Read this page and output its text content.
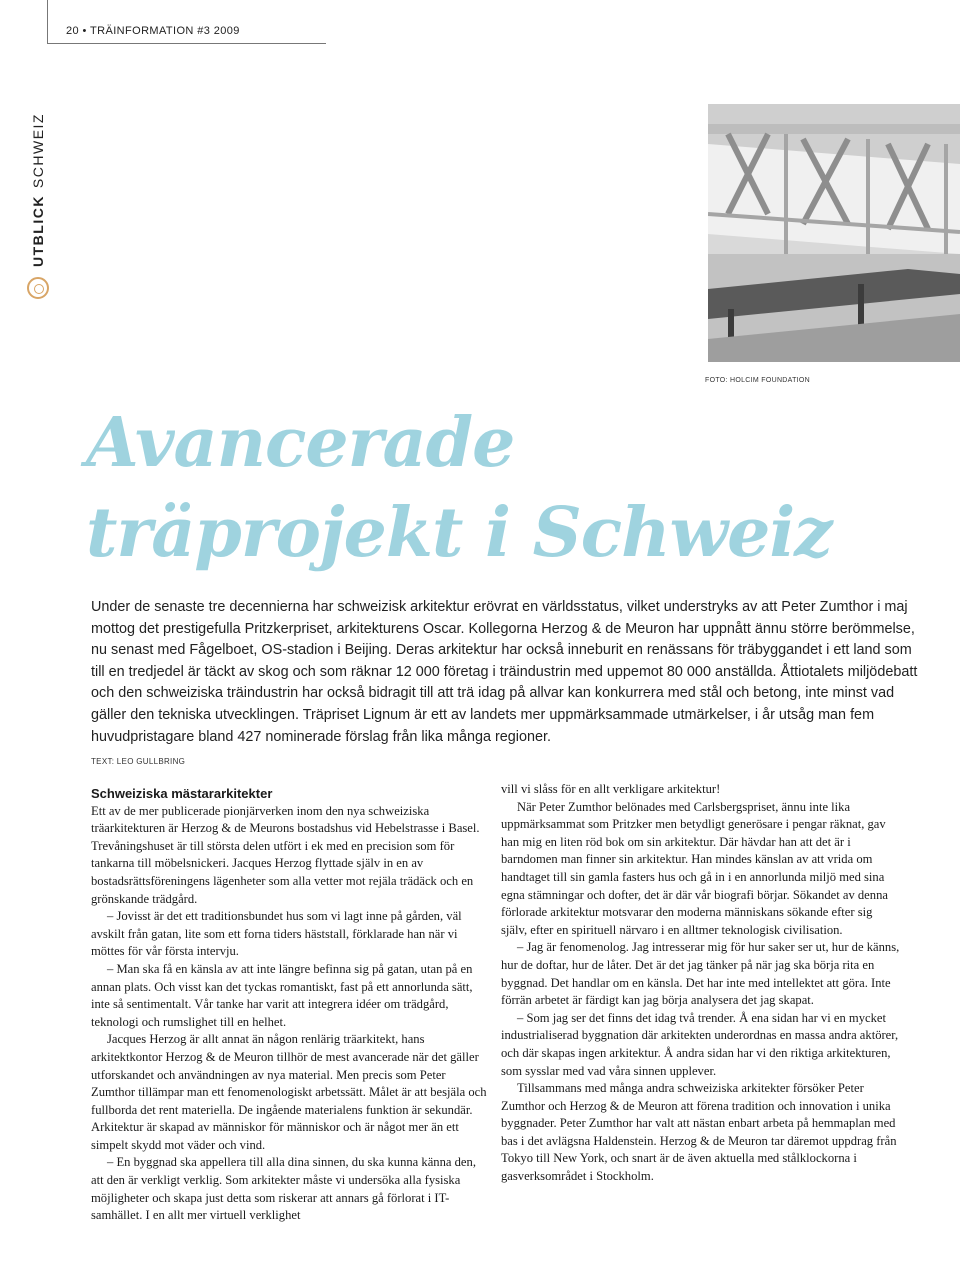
20 • TRÄINFORMATION #3 2009
UTBLICKSCHWEIZ
FOTO: HOLCIM FOUNDATION
Avancerade
träprojekt i Schweiz

Under de senaste tre decennierna har schweizisk arkitektur erövrat en världsstatus, vilket understryks av att Peter Zumthor i maj mottog det prestigefulla Pritzkerpriset, arkitekturens Oscar. Kollegorna Herzog & de Meuron har uppnått ännu större berömmelse, nu senast med Fågelboet, OS-stadion i Beijing. Deras arkitektur har också inneburit en renässans för träbyggandet i ett land som till en tredjedel är täckt av skog och som räknar 12 000 företag i träindustrin med uppemot 80 000 anställda. Åttiotalets miljödebatt och den schweiziska träindustrin har också bidragit till att trä idag på allvar kan konkurrera med stål och betong, inte minst vad gäller den tekniska utvecklingen. Träpriset Lignum är ett av landets mer uppmärksammade utmärkelser, i år utsåg man fem huvudpristagare bland 427 nominerade förslag från lika många regioner.

TEXT: LEO GULLBRING
Schweiziska mästararkitekter

Ett av de mer publicerade pionjärverken inom den nya schweiziska träarkitekturen är Herzog & de Meurons bostadshus vid Hebelstrasse i Basel. Trevåningshuset är till största delen utfört i ek med en precision som för tankarna till möbelsnickeri. Jacques Herzog flyttade själv in en av bostadsrättsföreningens lägenheter som alla vetter mot rejäla trädäck och en grönskande trädgård.

– Jovisst är det ett traditionsbundet hus som vi lagt inne på gården, väl avskilt från gatan, lite som ett forna tiders häststall, förklarade han när vi möttes för vår första intervju.

– Man ska få en känsla av att inte längre befinna sig på gatan, utan på en annan plats. Och visst kan det tyckas romantiskt, fast på ett annorlunda sätt, inte så sentimentalt. Vår tanke har varit att integrera idéer om trädgård, teknologi och rumslighet till en helhet.

Jacques Herzog är allt annat än någon renlärig träarkitekt, hans arkitektkontor Herzog & de Meuron tillhör de mest avancerade när det gäller utforskandet och användningen av nya material. Men precis som Peter Zumthor tillämpar man ett fenomenologiskt arbetssätt. Målet är att besjäla och fullborda det rent materiella. De ingående materialens funktion är sekundär. Arkitektur är skapad av människor för människor och är något mer än ett simpelt skydd mot väder och vind.

– En byggnad ska appellera till alla dina sinnen, du ska kunna känna den, att den är verkligt verklig. Som arkitekter måste vi undersöka alla fysiska möjligheter och skapa just detta som riskerar att annars gå förlorat i IT-samhället. I en allt mer virtuell verklighet

vill vi slåss för en allt verkligare arkitektur!

När Peter Zumthor belönades med Carlsbergspriset, ännu inte lika uppmärksammat som Pritzker men betydligt generösare i pengar räknat, gav han mig en liten röd bok om sin arkitektur. Där hävdar han att det är i barndomen man finner sin arkitektur. Han mindes känslan av att vrida om handtaget till sin gamla fasters hus och gå in i en annorlunda miljö med sina egna stämningar och dofter, det är där vår biografi börjar. Sökandet av denna förlorade arkitektur motsvarar den moderna människans sökande efter sig själv, efter en spirituell närvaro i en alltmer teknologisk civilisation.

– Jag är fenomenolog. Jag intresserar mig för hur saker ser ut, hur de känns, hur de doftar, hur de låter. Det är det jag tänker på när jag ska börja rita en byggnad. Det handlar om en känsla. Det har inte med intellektet att göra. Inte förrän arbetet är färdigt kan jag börja analysera det jag skapat.

– Som jag ser det finns det idag två trender. Å ena sidan har vi en mycket industrialiserad byggnation där arkitekten underordnas en massa andra aktörer, och där skapas ingen arkitektur. Å andra sidan har vi den riktiga arkitekturen, som sysslar med vad våra sinnen upplever.

Tillsammans med många andra schweiziska arkitekter försöker Peter Zumthor och Herzog & de Meuron att förena tradition och innovation i unika byggnader. Peter Zumthor har valt att nästan enbart arbeta på hemmaplan med bas i det avlägsna Haldenstein. Herzog & de Meuron tar däremot uppdrag från Tokyo till New York, och snart är de även aktuella med stålklockorna i gasverksområdet i Stockholm.
